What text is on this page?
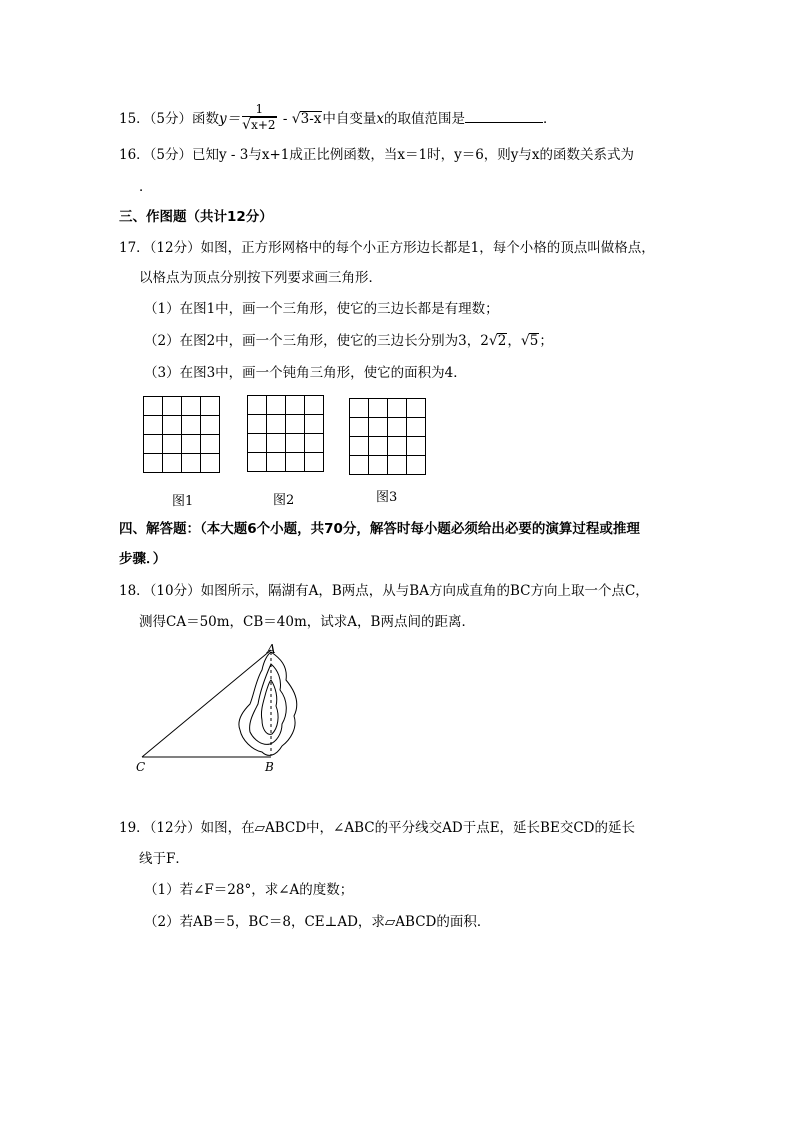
15．（5分）函数$y= \frac{1}{√x+2} - √3-x$中自变量x的取值范围是	．
16．（5分）已知y - 3与x+1成正比例函数，当x＝1时，y＝6，则y与x的函数关系式为
．
三、作图题（共计12分）
17．（12分）如图，正方形网格中的每个小正方形边长都是1，每个小格的顶点叫做格点，
以格点为顶点分别按下列要求画三角形．
（1）在图1中，画一个三角形，使它的三边长都是有理数；
（2）在图2中，画一个三角形，使它的三边长分别为3，2√2，√5；
（3）在图3中，画一个钝角三角形，使它的面积为4．
图1	图2	图3
四、解答题：（本大题6个小题，共70分，解答时每小题必须给出必要的演算过程或推理
步骤．）
18．（10分）如图所示，隔湖有A，B两点，从与BA方向成直角的BC方向上取一个点C，
测得CA＝50m，CB＝40m，试求A，B两点间的距离．
A
B
C
19．（12分）如图，在▱ABCD中，∠ABC的平分线交AD于点E，延长BE交CD的延长
线于F．
（1）若∠F＝28°，求∠A的度数；
（2）若AB＝5，BC＝8，CE⊥AD，求▱ABCD的面积．
